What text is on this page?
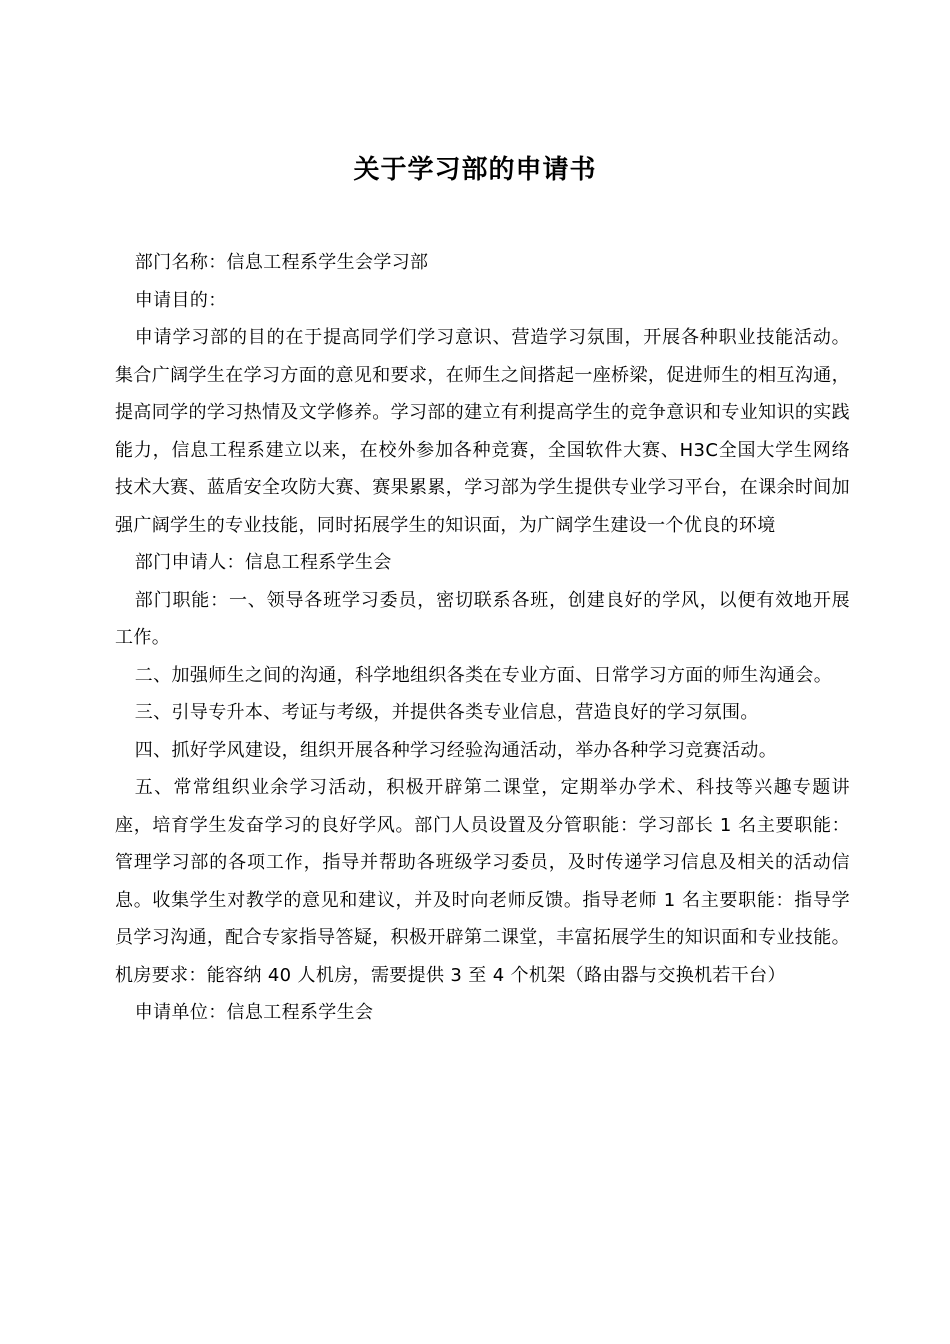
关于学习部的申请书

部门名称：信息工程系学生会学习部

申请目的：

申请学习部的目的在于提高同学们学习意识、营造学习氛围，开展各种职业技能活动。集合广阔学生在学习方面的意见和要求，在师生之间搭起一座桥梁，促进师生的相互沟通，提高同学的学习热情及文学修养。学习部的建立有利提高学生的竞争意识和专业知识的实践能力，信息工程系建立以来，在校外参加各种竞赛，全国软件大赛、H3C全国大学生网络技术大赛、蓝盾安全攻防大赛、赛果累累，学习部为学生提供专业学习平台，在课余时间加强广阔学生的专业技能，同时拓展学生的知识面，为广阔学生建设一个优良的环境

部门申请人：信息工程系学生会

部门职能：一、领导各班学习委员，密切联系各班，创建良好的学风，以便有效地开展工作。

二、加强师生之间的沟通，科学地组织各类在专业方面、日常学习方面的师生沟通会。

三、引导专升本、考证与考级，并提供各类专业信息，营造良好的学习氛围。

四、抓好学风建设，组织开展各种学习经验沟通活动，举办各种学习竞赛活动。

五、常常组织业余学习活动，积极开辟第二课堂，定期举办学术、科技等兴趣专题讲座，培育学生发奋学习的良好学风。部门人员设置及分管职能：学习部长 1 名主要职能：管理学习部的各项工作，指导并帮助各班级学习委员，及时传递学习信息及相关的活动信息。收集学生对教学的意见和建议，并及时向老师反馈。指导老师 1 名主要职能：指导学员学习沟通，配合专家指导答疑，积极开辟第二课堂，丰富拓展学生的知识面和专业技能。机房要求：能容纳 40 人机房，需要提供 3 至 4 个机架（路由器与交换机若干台）

申请单位：信息工程系学生会
